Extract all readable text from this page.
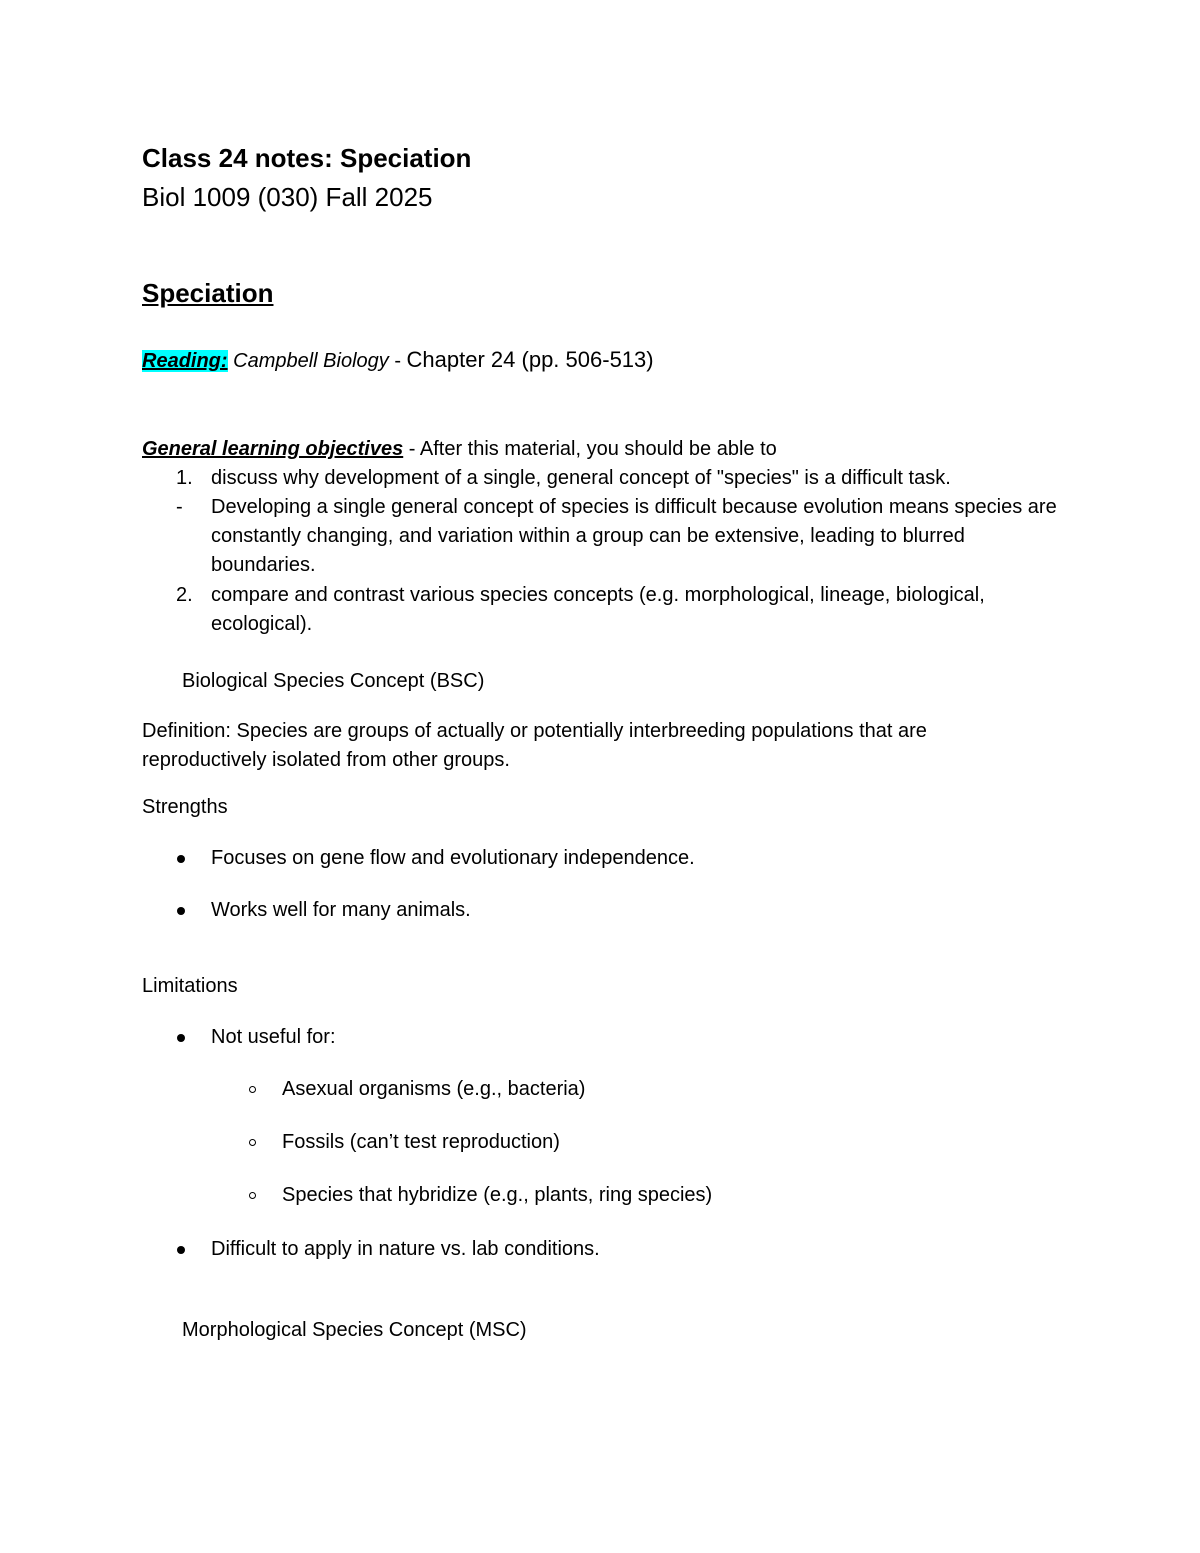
Class 24 notes: Speciation
Biol 1009 (030) Fall 2025
Speciation
Reading: Campbell Biology - Chapter 24 (pp. 506-513)
General learning objectives - After this material, you should be able to
1. discuss why development of a single, general concept of "species" is a difficult task.
- Developing a single general concept of species is difficult because evolution means species are constantly changing, and variation within a group can be extensive, leading to blurred boundaries.
2. compare and contrast various species concepts (e.g. morphological, lineage, biological, ecological).
Biological Species Concept (BSC)
Definition: Species are groups of actually or potentially interbreeding populations that are reproductively isolated from other groups.
Strengths
Focuses on gene flow and evolutionary independence.
Works well for many animals.
Limitations
Not useful for:
Asexual organisms (e.g., bacteria)
Fossils (can’t test reproduction)
Species that hybridize (e.g., plants, ring species)
Difficult to apply in nature vs. lab conditions.
Morphological Species Concept (MSC)
